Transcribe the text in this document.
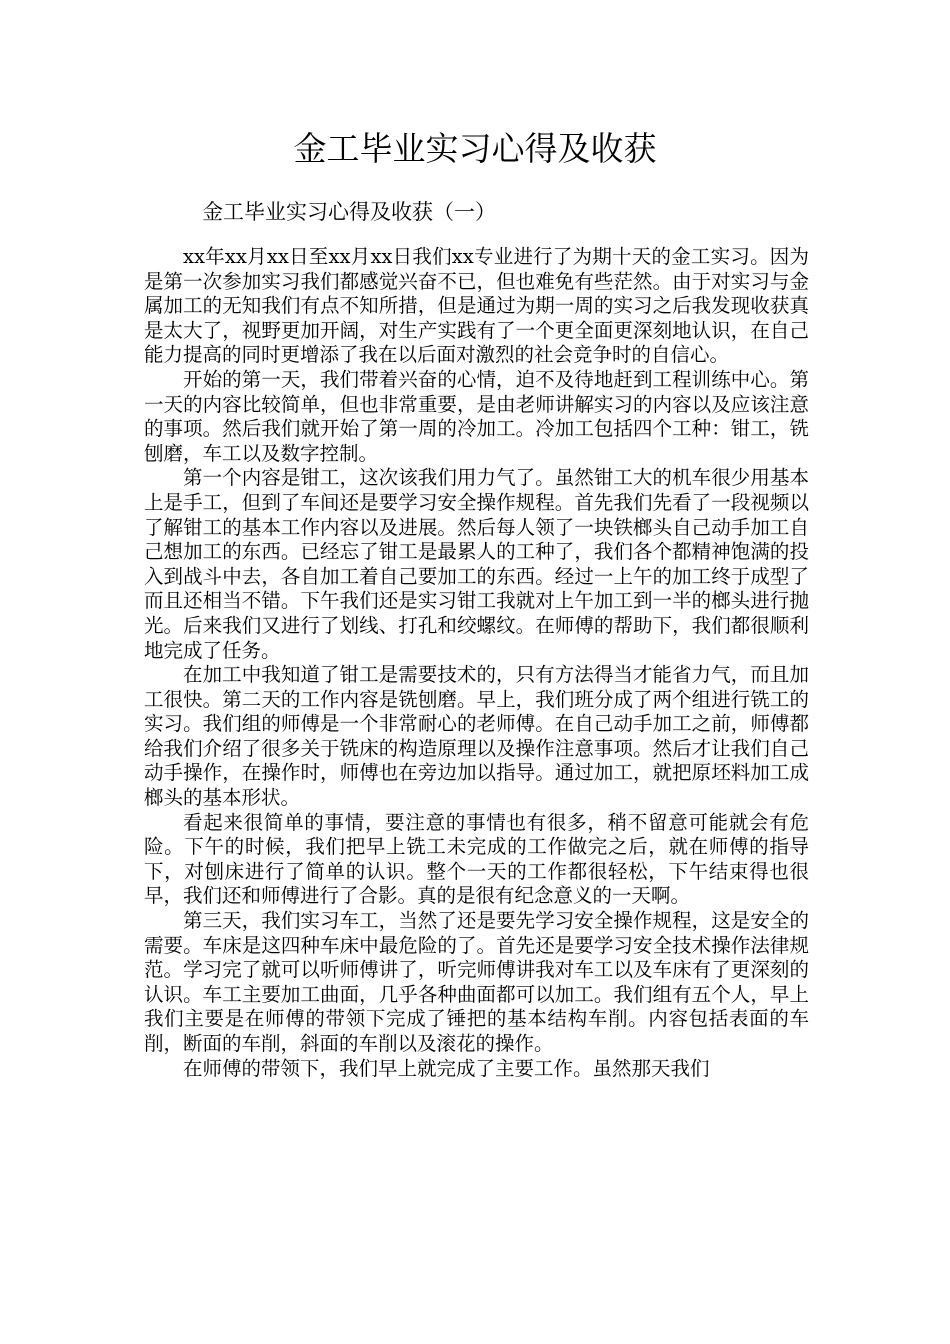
金工毕业实习心得及收获

金工毕业实习心得及收获（一）

xx年xx月xx日至xx月xx日我们xx专业进行了为期十天的金工实习。因为是第一次参加实习我们都感觉兴奋不已，但也难免有些茫然。由于对实习与金属加工的无知我们有点不知所措，但是通过为期一周的实习之后我发现收获真是太大了，视野更加开阔，对生产实践有了一个更全面更深刻地认识，在自己能力提高的同时更增添了我在以后面对激烈的社会竞争时的自信心。

开始的第一天，我们带着兴奋的心情，迫不及待地赶到工程训练中心。第一天的内容比较简单，但也非常重要，是由老师讲解实习的内容以及应该注意的事项。然后我们就开始了第一周的冷加工。冷加工包括四个工种：钳工，铣刨磨，车工以及数字控制。

第一个内容是钳工，这次该我们用力气了。虽然钳工大的机车很少用基本上是手工，但到了车间还是要学习安全操作规程。首先我们先看了一段视频以了解钳工的基本工作内容以及进展。然后每人领了一块铁榔头自己动手加工自己想加工的东西。已经忘了钳工是最累人的工种了，我们各个都精神饱满的投入到战斗中去，各自加工着自己要加工的东西。经过一上午的加工终于成型了而且还相当不错。下午我们还是实习钳工我就对上午加工到一半的榔头进行抛光。后来我们又进行了划线、打孔和绞螺纹。在师傅的帮助下，我们都很顺利地完成了任务。

在加工中我知道了钳工是需要技术的，只有方法得当才能省力气，而且加工很快。第二天的工作内容是铣刨磨。早上，我们班分成了两个组进行铣工的实习。我们组的师傅是一个非常耐心的老师傅。在自己动手加工之前，师傅都给我们介绍了很多关于铣床的构造原理以及操作注意事项。然后才让我们自己动手操作，在操作时，师傅也在旁边加以指导。通过加工，就把原坯料加工成榔头的基本形状。

看起来很简单的事情，要注意的事情也有很多，稍不留意可能就会有危险。下午的时候，我们把早上铣工未完成的工作做完之后，就在师傅的指导下，对刨床进行了简单的认识。整个一天的工作都很轻松，下午结束得也很早，我们还和师傅进行了合影。真的是很有纪念意义的一天啊。

第三天，我们实习车工，当然了还是要先学习安全操作规程，这是安全的需要。车床是这四种车床中最危险的了。首先还是要学习安全技术操作法律规范。学习完了就可以听师傅讲了，听完师傅讲我对车工以及车床有了更深刻的认识。车工主要加工曲面，几乎各种曲面都可以加工。我们组有五个人，早上我们主要是在师傅的带领下完成了锤把的基本结构车削。内容包括表面的车削，断面的车削，斜面的车削以及滚花的操作。

在师傅的带领下，我们早上就完成了主要工作。虽然那天我们
